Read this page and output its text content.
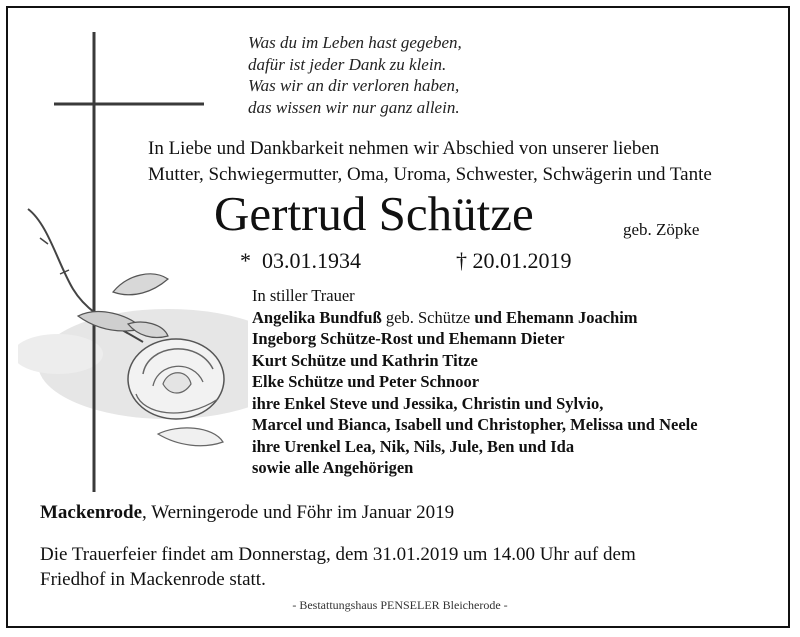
Was du im Leben hast gegeben,
dafür ist jeder Dank zu klein.
Was wir an dir verloren haben,
das wissen wir nur ganz allein.
In Liebe und Dankbarkeit nehmen wir Abschied von unserer lieben
Mutter, Schwiegermutter, Oma, Uroma, Schwester, Schwägerin und Tante
Gertrud Schütze	geb. Zöpke
* 03.01.1934	† 20.01.2019
In stiller Trauer
Angelika Bundfuß geb. Schütze und Ehemann Joachim
Ingeborg Schütze-Rost und Ehemann Dieter
Kurt Schütze und Kathrin Titze
Elke Schütze und Peter Schnoor
ihre Enkel Steve und Jessika, Christin und Sylvio,
Marcel und Bianca, Isabell und Christopher, Melissa und Neele
ihre Urenkel Lea, Nik, Nils, Jule, Ben und Ida
sowie alle Angehörigen
Mackenrode, Werningerode und Föhr im Januar 2019
Die Trauerfeier findet am Donnerstag, dem 31.01.2019 um 14.00 Uhr auf dem
Friedhof in Mackenrode statt.
- Bestattungshaus PENSELER Bleicherode -
